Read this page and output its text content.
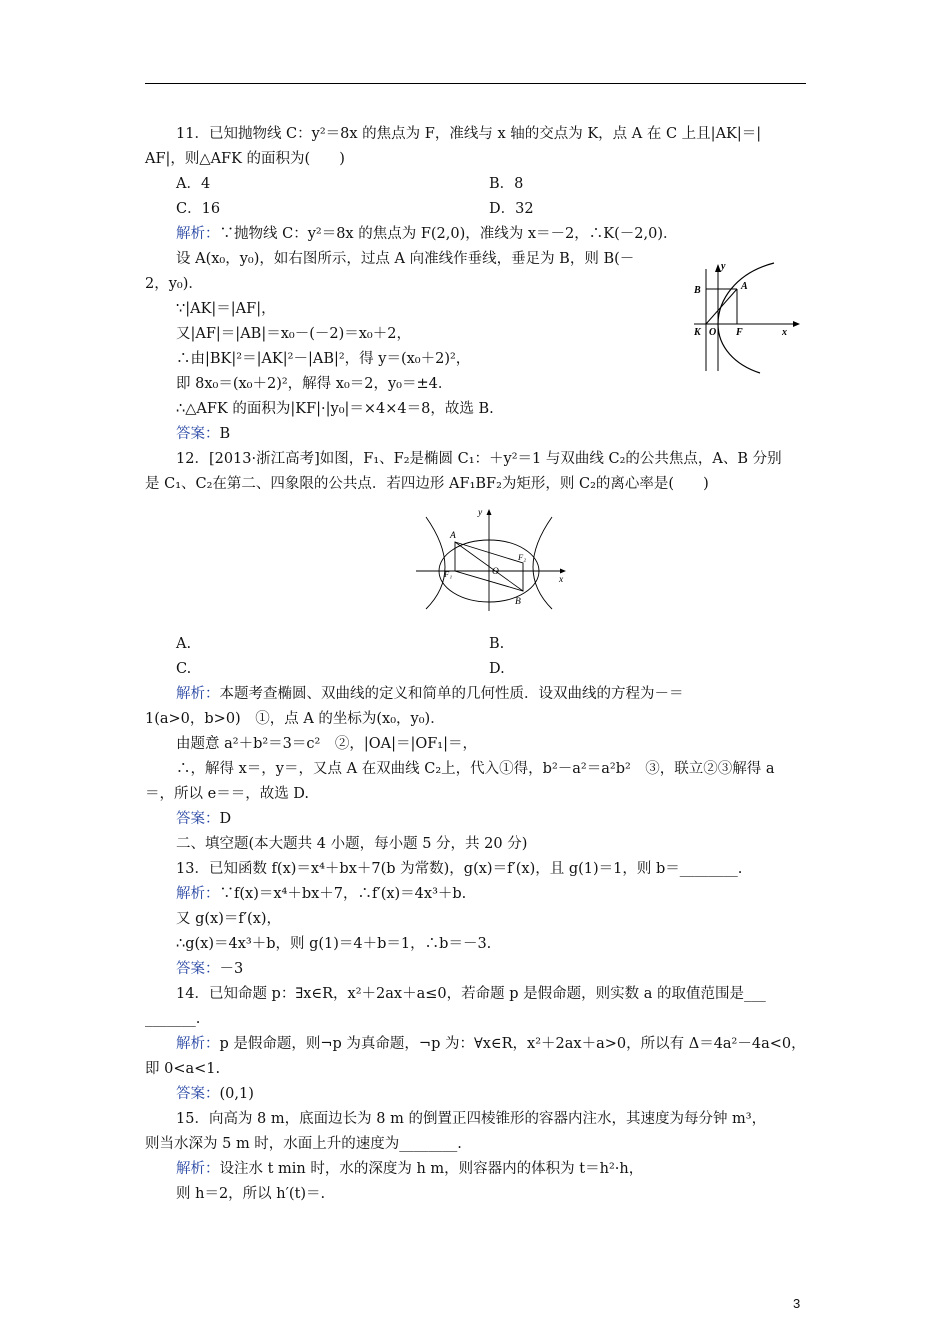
11．已知抛物线 C：y²＝8x 的焦点为 F，准线与 x 轴的交点为 K，点 A 在 C 上且|AK|＝|
AF|，则△AFK 的面积为(　　)
A．4	B．8
C．16	D．32
解析：∵抛物线 C：y²＝8x 的焦点为 F(2,0)，准线为 x＝－2，∴K(－2,0)．
设 A(x₀，y₀)，如右图所示，过点 A 向准线作垂线，垂足为 B，则 B(－
2，y₀)．
∵|AK|＝|AF|，
又|AF|＝|AB|＝x₀－(－2)＝x₀＋2，
∴由|BK|²＝|AK|²－|AB|²，得 y＝(x₀＋2)²，
即 8x₀＝(x₀＋2)²，解得 x₀＝2，y₀＝±4．
∴△AFK 的面积为|KF|·|y₀|＝×4×4＝8，故选 B.
答案：B
B	A
K O F	x
y
12．[2013·浙江高考]如图，F₁、F₂是椭圆 C₁：＋y²＝1 与双曲线 C₂的公共焦点，A、B 分别
是 C₁、C₂在第二、四象限的公共点．若四边形 AF₁BF₂为矩形，则 C₂的离心率是(　　)
A
B
O
F₁
F₂
x
y
A.	B.
C.	D.
解析：本题考查椭圆、双曲线的定义和简单的几何性质．设双曲线的方程为－＝
1(a>0，b>0)　①，点 A 的坐标为(x₀，y₀)．
由题意 a²＋b²＝3＝c²　②，|OA|＝|OF₁|＝，
∴，解得 x＝，y＝，又点 A 在双曲线 C₂上，代入①得，b²－a²＝a²b²　③，联立②③解得 a
＝，所以 e＝＝，故选 D.
答案：D
二、填空题(本大题共 4 小题，每小题 5 分，共 20 分)
13．已知函数 f(x)＝x⁴＋bx＋7(b 为常数)，g(x)＝f′(x)，且 g(1)＝1，则 b＝________.
解析：∵f(x)＝x⁴＋bx＋7，∴f′(x)＝4x³＋b.
又 g(x)＝f′(x)，
∴g(x)＝4x³＋b，则 g(1)＝4＋b＝1，∴b＝－3.
答案：－3
14．已知命题 p：∃x∈R，x²＋2ax＋a≤0，若命题 p 是假命题，则实数 a 的取值范围是___
_______.
解析：p 是假命题，则¬p 为真命题，¬p 为：∀x∈R，x²＋2ax＋a>0，所以有 Δ＝4a²－4a<0，
即 0<a<1.
答案：(0,1)
15．向高为 8 m，底面边长为 8 m 的倒置正四棱锥形的容器内注水，其速度为每分钟 m³，
则当水深为 5 m 时，水面上升的速度为________.
解析：设注水 t min 时，水的深度为 h m，则容器内的体积为 t＝h²·h，
则 h＝2，所以 h′(t)＝.
3
